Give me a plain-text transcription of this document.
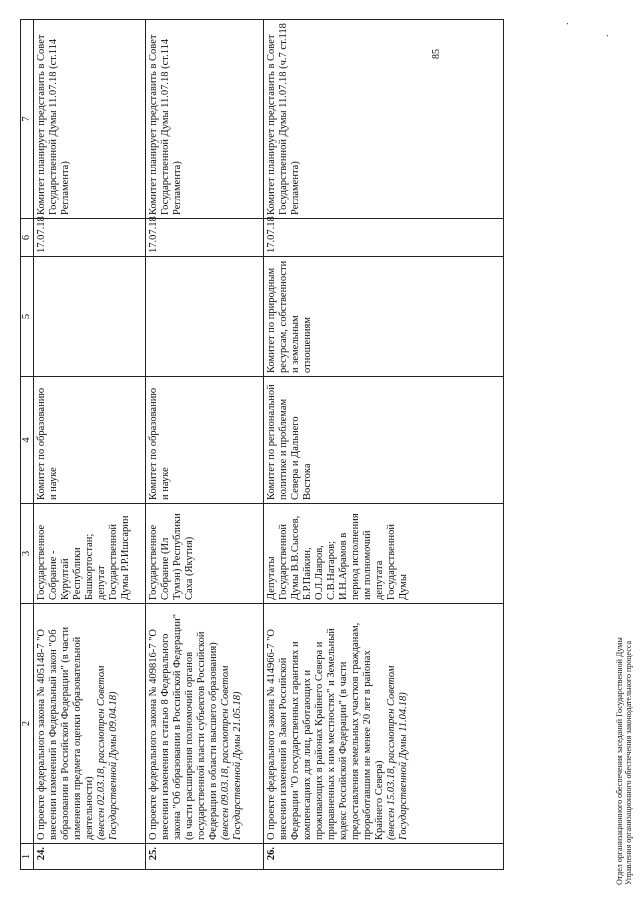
85
.
.
1	2	3	4	5	6	7
24.	О проекте федерального закона № 405148-7 "О внесении изменений в Федеральный закон "Об образовании в Российской Федерации" (в части изменения предмета оценки образовательной деятельности) (внесен 02.03.18, рассмотрен Советом Государственной Думы 09.04.18)	Государственное Собрание - Курултай Республики Башкортостан; депутат Государственной Думы Р.Р.Ишсарин	Комитет по образованию и науке		17.07.18	Комитет планирует представить в Совет Государственной Думы 11.07.18 (ст.114 Регламента)
25.	О проекте федерального закона № 409816-7 "О внесении изменения в статью 8 Федерального закона "Об образовании в Российской Федерации" (в части расширения полномочий органов государственной власти субъектов Российской Федерации в области высшего образования) (внесен 09.03.18, рассмотрен Советом Государственной Думы 21.05.18)	Государственное Собрание (Ил Тумэн) Республики Саха (Якутия)	Комитет по образованию и науке		17.07.18	Комитет планирует представить в Совет Государственной Думы 11.07.18 (ст.114 Регламента)
26.	О проекте федерального закона № 414966-7 "О внесении изменений в Закон Российской Федерации "О государственных гарантиях и компенсациях для лиц, работающих и проживающих в районах Крайнего Севера и приравненных к ним местностях" и Земельный кодекс Российской Федерации" (в части предоставления земельных участков гражданам, проработавшим не менее 20 лет в районах Крайнего Севера) (внесен 15.03.18, рассмотрен Советом Государственной Думы 11.04.18)	Депутаты Государственной Думы В.В.Сысоев, Б.Р.Пайкин, О.Л.Лавров, С.В.Натаров; И.Н.Абрамов в период исполнения им полномочий депутата Государственной Думы	Комитет по региональной политике и проблемам Севера и Дальнего Востока	Комитет по природным ресурсам, собственности и земельным отношениям	17.07.18	Комитет планирует представить в Совет Государственной Думы 11.07.18 (ч.7 ст.118 Регламента)
Отдел организационного обеспечения заседаний Государственной Думы Управления организационного обеспечения законодательного процесса
